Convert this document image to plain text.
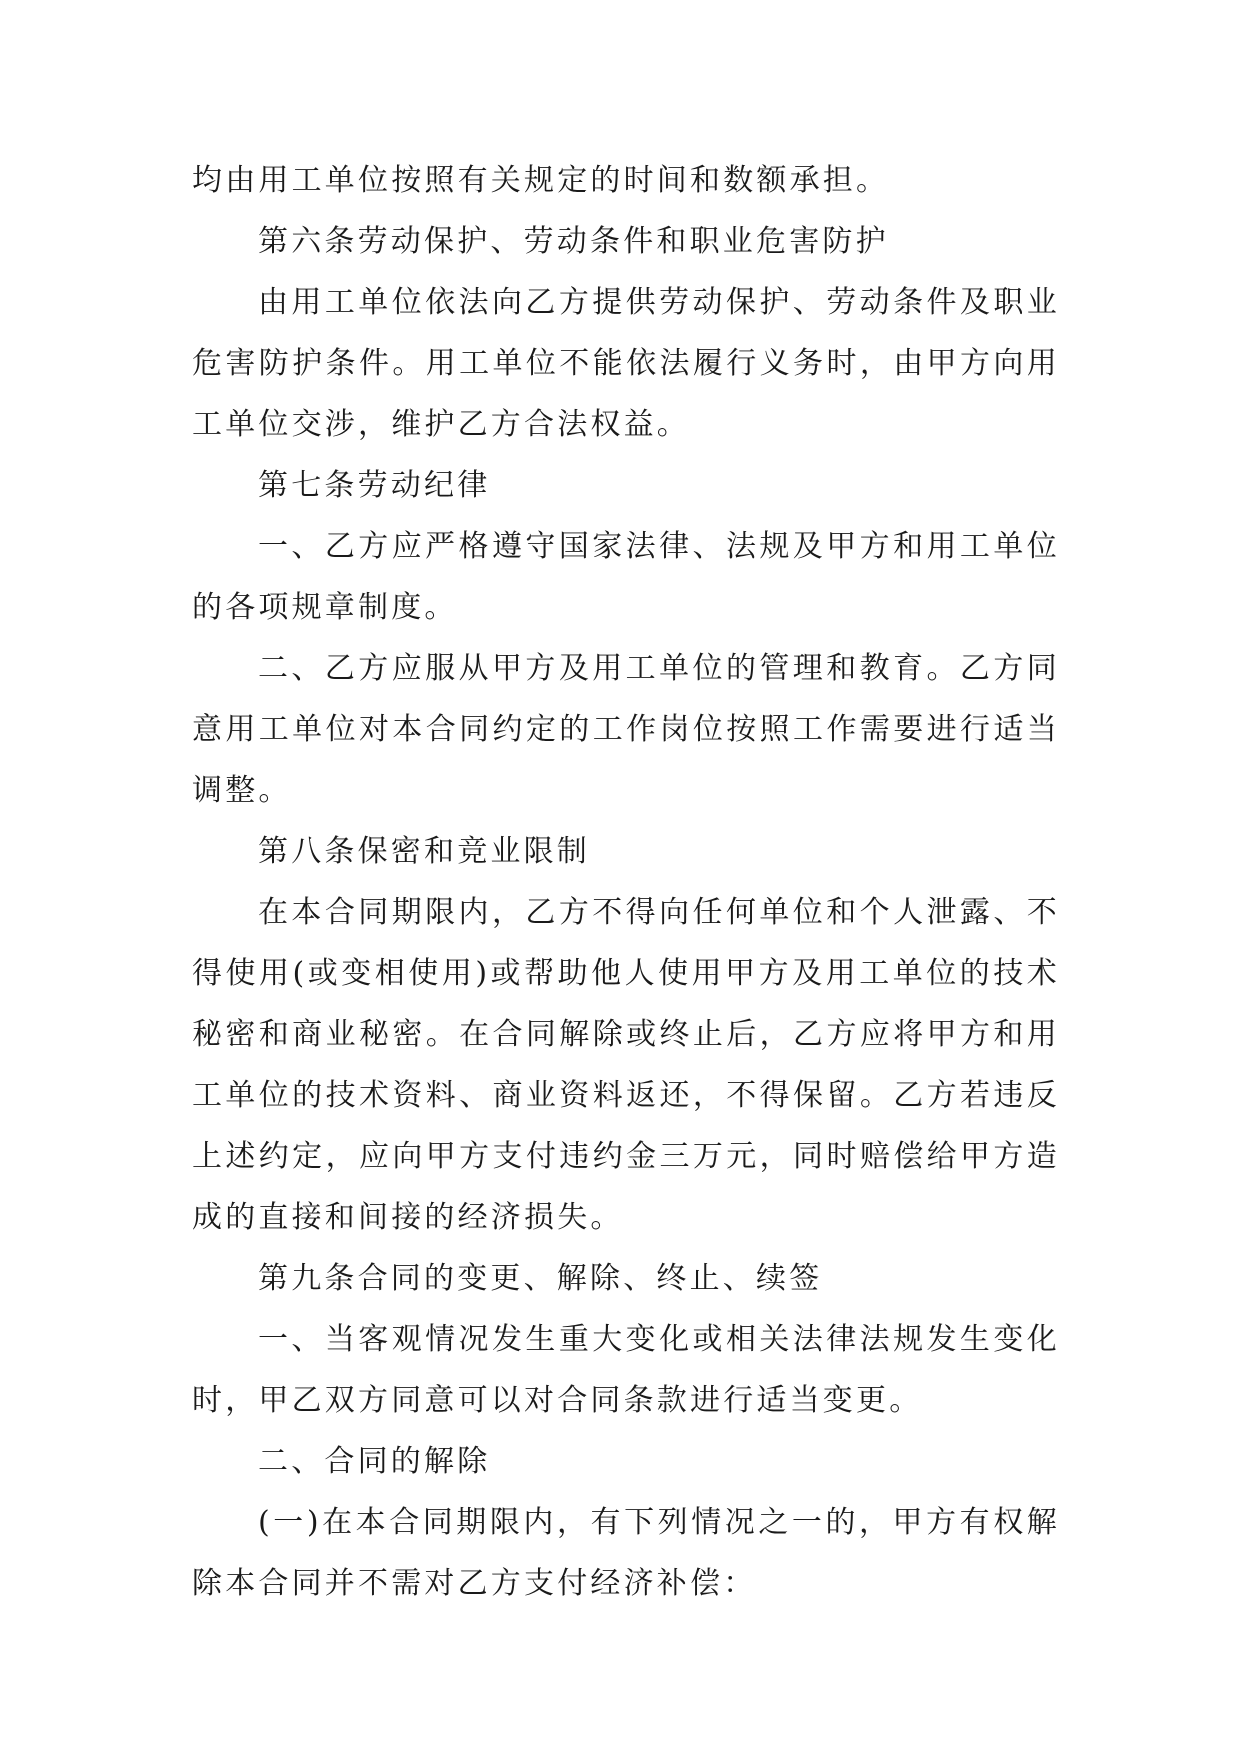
均由用工单位按照有关规定的时间和数额承担。

第六条劳动保护、劳动条件和职业危害防护

由用工单位依法向乙方提供劳动保护、劳动条件及职业危害防护条件。用工单位不能依法履行义务时，由甲方向用工单位交涉，维护乙方合法权益。

第七条劳动纪律

一、乙方应严格遵守国家法律、法规及甲方和用工单位的各项规章制度。

二、乙方应服从甲方及用工单位的管理和教育。乙方同意用工单位对本合同约定的工作岗位按照工作需要进行适当调整。

第八条保密和竞业限制

在本合同期限内，乙方不得向任何单位和个人泄露、不得使用(或变相使用)或帮助他人使用甲方及用工单位的技术秘密和商业秘密。在合同解除或终止后，乙方应将甲方和用工单位的技术资料、商业资料返还，不得保留。乙方若违反上述约定，应向甲方支付违约金三万元，同时赔偿给甲方造成的直接和间接的经济损失。

第九条合同的变更、解除、终止、续签

一、当客观情况发生重大变化或相关法律法规发生变化时，甲乙双方同意可以对合同条款进行适当变更。

二、合同的解除

(一)在本合同期限内，有下列情况之一的，甲方有权解除本合同并不需对乙方支付经济补偿：
